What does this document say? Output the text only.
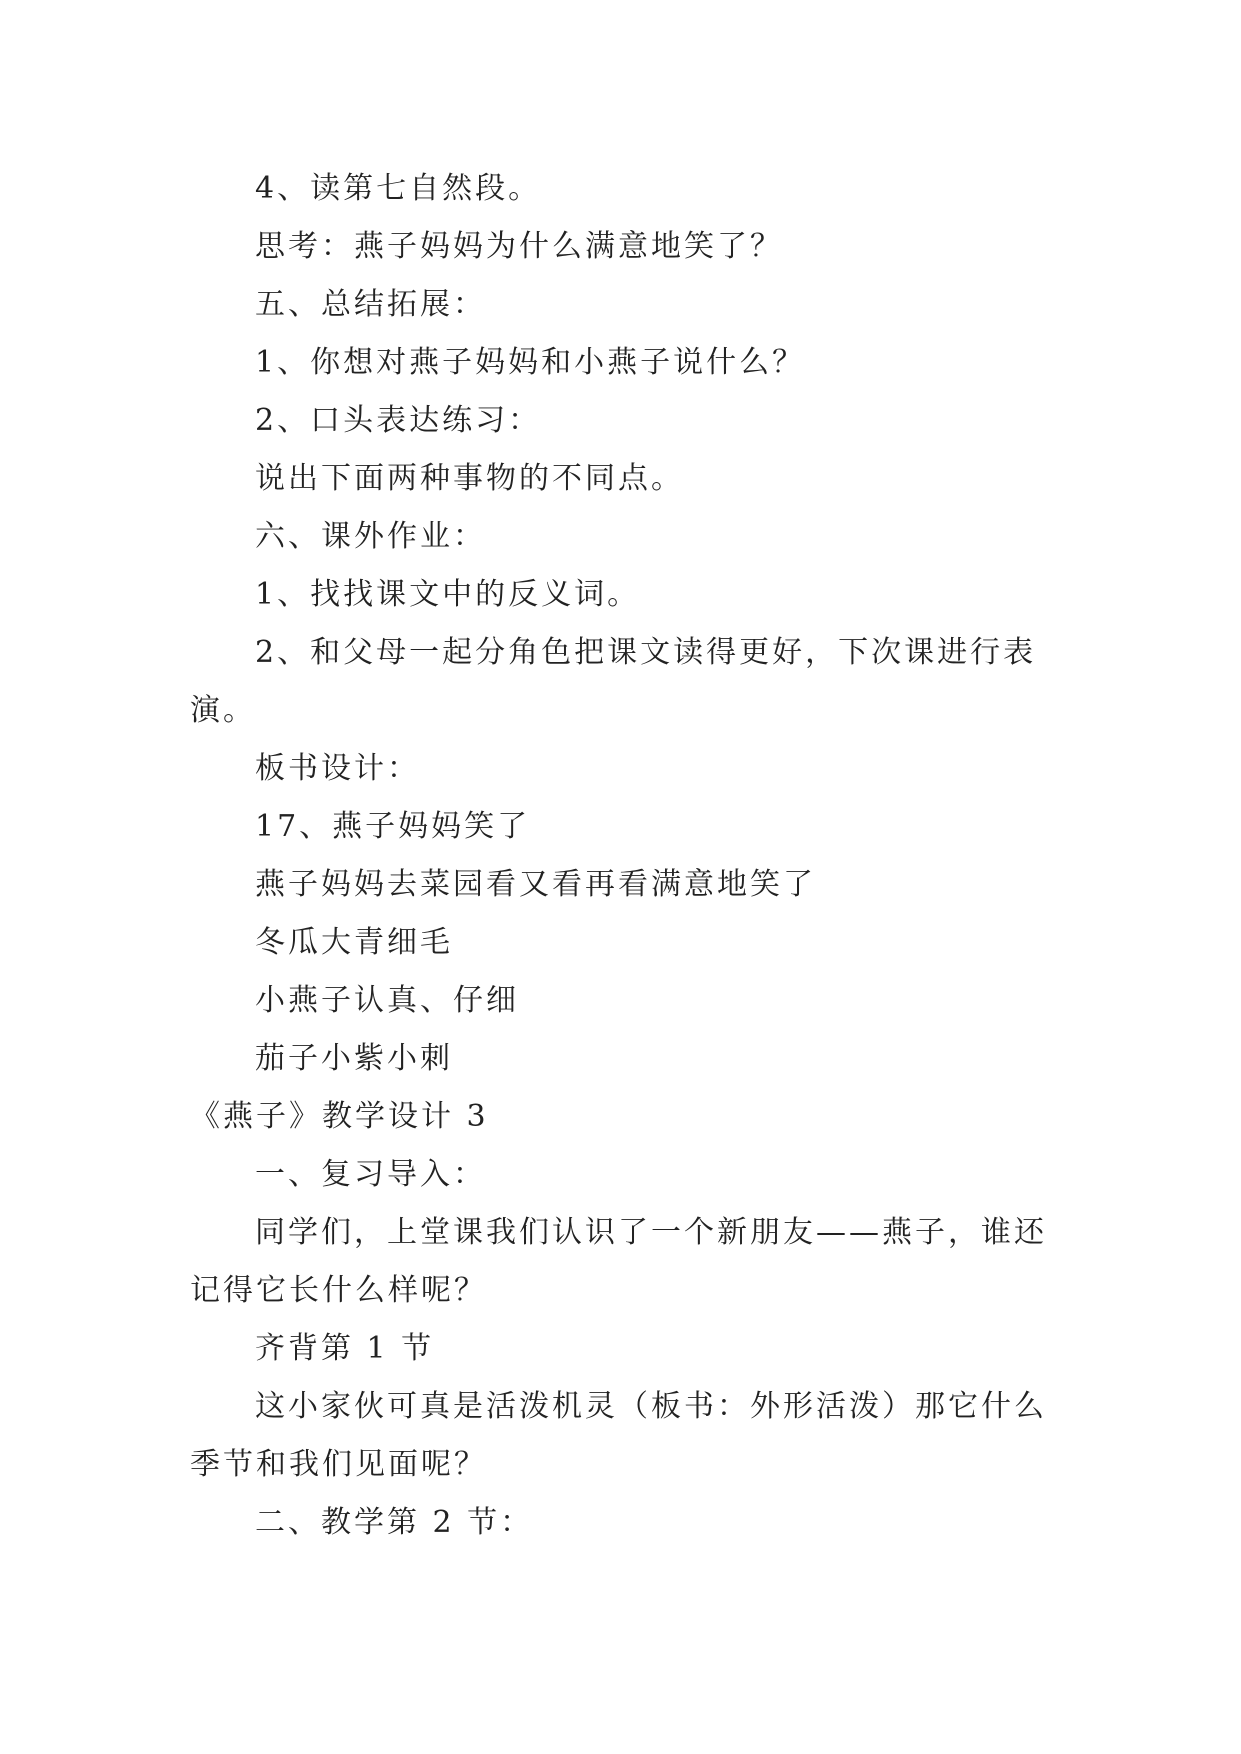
4、读第七自然段。

思考：燕子妈妈为什么满意地笑了？

五、总结拓展：

1、你想对燕子妈妈和小燕子说什么？

2、口头表达练习：

说出下面两种事物的不同点。

六、课外作业：

1、找找课文中的反义词。

2、和父母一起分角色把课文读得更好，下次课进行表演。

板书设计：

17、燕子妈妈笑了

燕子妈妈去菜园看又看再看满意地笑了

冬瓜大青细毛

小燕子认真、仔细

茄子小紫小刺

《燕子》教学设计 3

一、复习导入：

同学们，上堂课我们认识了一个新朋友——燕子，谁还记得它长什么样呢？

齐背第 1 节

这小家伙可真是活泼机灵（板书：外形活泼）那它什么季节和我们见面呢？

二、教学第 2 节：
